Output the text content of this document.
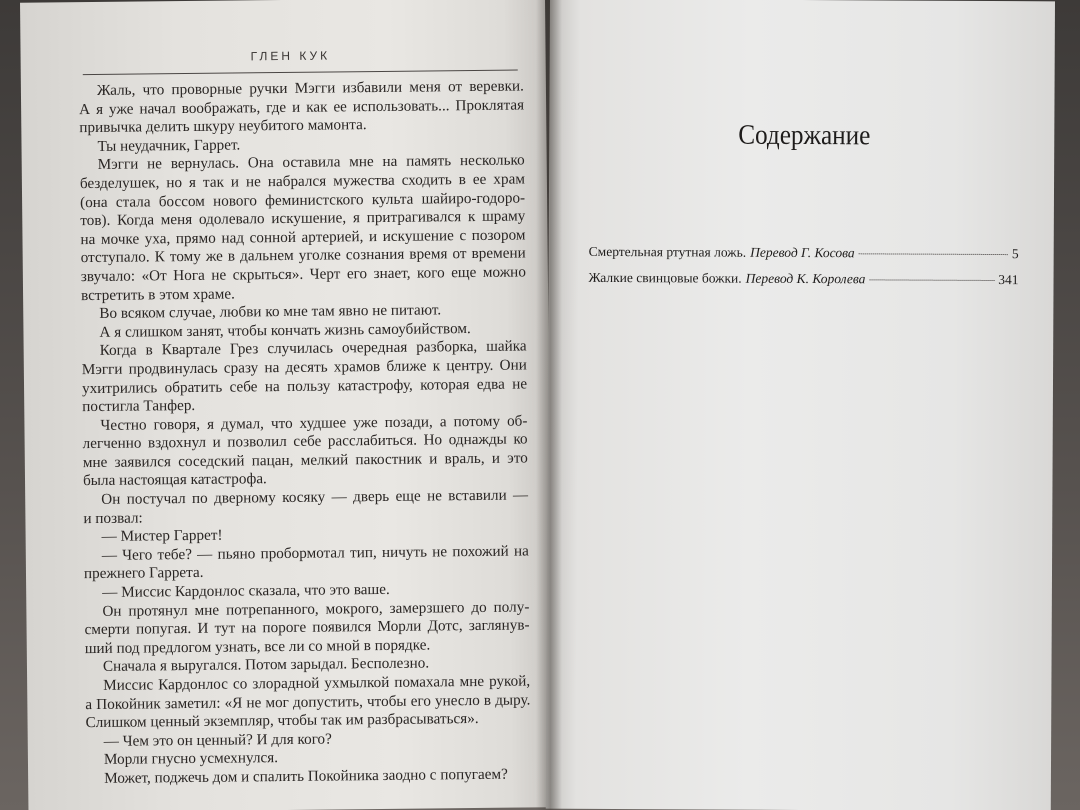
ГЛЕН КУК
Жаль, что проворные ручки Мэгги избавили меня от веревки.
А я уже начал воображать, где и как ее использовать... Проклятая
привычка делить шкуру неубитого мамонта.
Ты неудачник, Гаррет.
Мэгги не вернулась. Она оставила мне на память несколько
безделушек, но я так и не набрался мужества сходить в ее храм
(она стала боссом нового феминистского культа шайиро-годоро-
тов). Когда меня одолевало искушение, я притрагивался к шраму
на мочке уха, прямо над сонной артерией, и искушение с позором
отступало. К тому же в дальнем уголке сознания время от времени
звучало: «От Нога не скрыться». Черт его знает, кого еще можно
встретить в этом храме.
Во всяком случае, любви ко мне там явно не питают.
А я слишком занят, чтобы кончать жизнь самоубийством.
Когда в Квартале Грез случилась очередная разборка, шайка
Мэгги продвинулась сразу на десять храмов ближе к центру. Они
ухитрились обратить себе на пользу катастрофу, которая едва не
постигла Танфер.
Честно говоря, я думал, что худшее уже позади, а потому об-
легченно вздохнул и позволил себе расслабиться. Но однажды ко
мне заявился соседский пацан, мелкий пакостник и враль, и это
была настоящая катастрофа.
Он постучал по дверному косяку — дверь еще не вставили —
и позвал:
— Мистер Гаррет!
— Чего тебе? — пьяно пробормотал тип, ничуть не похожий на
прежнего Гаррета.
— Миссис Кардонлос сказала, что это ваше.
Он протянул мне потрепанного, мокрого, замерзшего до полу-
смерти попугая. И тут на пороге появился Морли Дотс, заглянув-
ший под предлогом узнать, все ли со мной в порядке.
Сначала я выругался. Потом зарыдал. Бесполезно.
Миссис Кардонлос со злорадной ухмылкой помахала мне рукой,
а Покойник заметил: «Я не мог допустить, чтобы его унесло в дыру.
Слишком ценный экземпляр, чтобы так им разбрасываться».
— Чем это он ценный? И для кого?
Морли гнусно усмехнулся.
Может, поджечь дом и спалить Покойника заодно с попугаем?
‏ ‏ ‏
Содержание
Смертельная ртутная ложь. Перевод Г. Косова	5
Жалкие свинцовые божки. Перевод К. Королева	341
